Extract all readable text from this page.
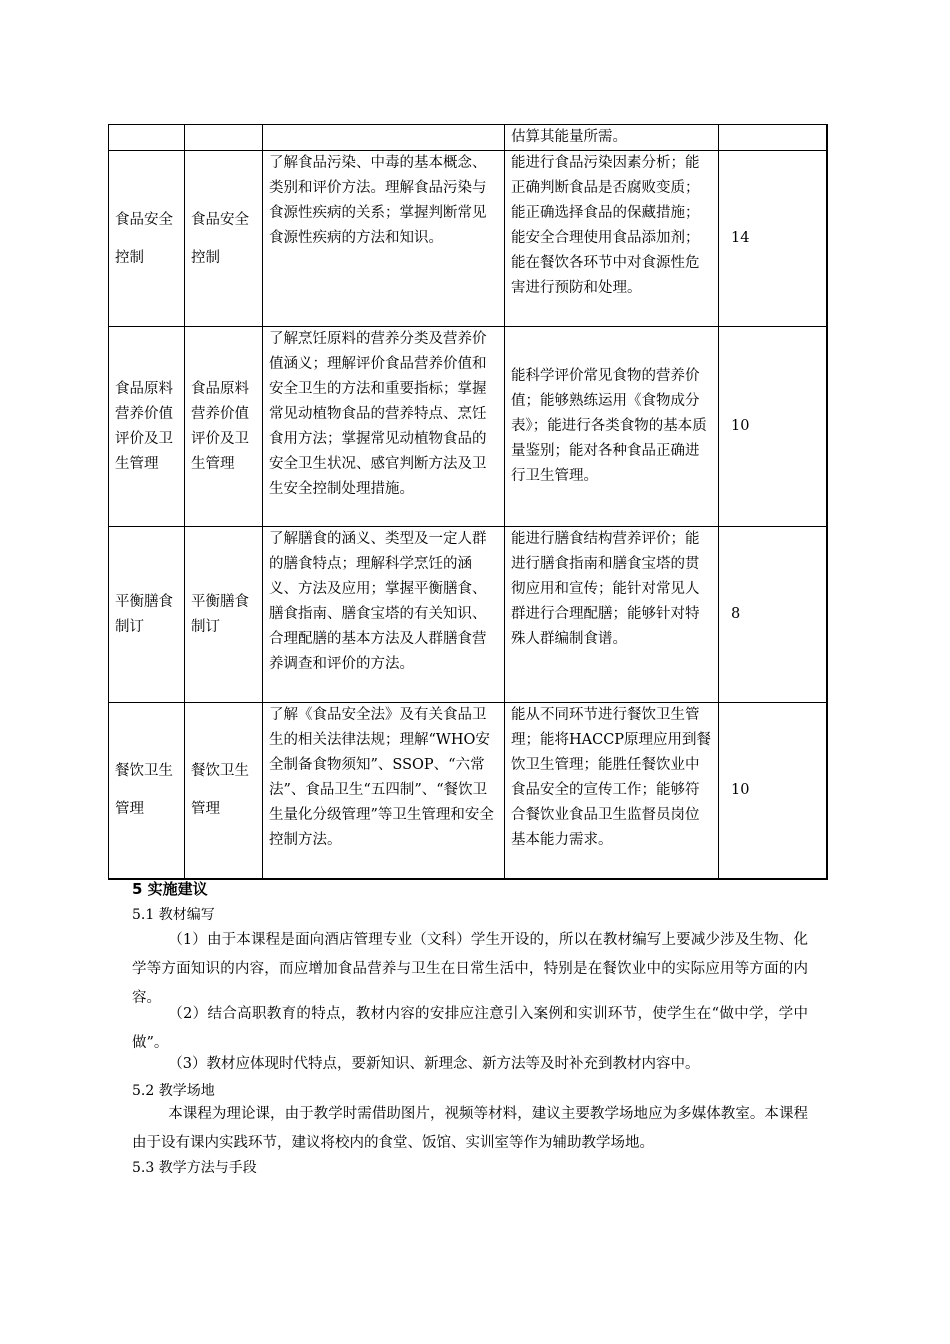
			估算其能量所需。	
食品安全控制	食品安全控制	了解食品污染、中毒的基本概念、类别和评价方法。理解食品污染与食源性疾病的关系；掌握判断常见食源性疾病的方法和知识。	能进行食品污染因素分析；能正确判断食品是否腐败变质；能正确选择食品的保藏措施；能安全合理使用食品添加剂；能在餐饮各环节中对食源性危害进行预防和处理。	14
食品原料营养价值评价及卫生管理	食品原料营养价值评价及卫生管理	了解烹饪原料的营养分类及营养价值涵义；理解评价食品营养价值和安全卫生的方法和重要指标；掌握常见动植物食品的营养特点、烹饪食用方法；掌握常见动植物食品的安全卫生状况、感官判断方法及卫生安全控制处理措施。	能科学评价常见食物的营养价值；能够熟练运用《食物成分表》；能进行各类食物的基本质量鉴别；能对各种食品正确进行卫生管理。	10
平衡膳食制订	平衡膳食制订	了解膳食的涵义、类型及一定人群的膳食特点；理解科学烹饪的涵义、方法及应用；掌握平衡膳食、膳食指南、膳食宝塔的有关知识、合理配膳的基本方法及人群膳食营养调查和评价的方法。	能进行膳食结构营养评价；能进行膳食指南和膳食宝塔的贯彻应用和宣传；能针对常见人群进行合理配膳；能够针对特殊人群编制食谱。	8
餐饮卫生管理	餐饮卫生管理	了解《食品安全法》及有关食品卫生的相关法律法规；理解“WHO安全制备食物须知”、SSOP、“六常法”、食品卫生“五四制”、“餐饮卫生量化分级管理”等卫生管理和安全控制方法。	能从不同环节进行餐饮卫生管理；能将HACCP原理应用到餐饮卫生管理；能胜任餐饮业中食品安全的宣传工作；能够符合餐饮业食品卫生监督员岗位基本能力需求。	10
5 实施建议
5.1 教材编写
（1）由于本课程是面向酒店管理专业（文科）学生开设的，所以在教材编写上要减少涉及生物、化学等方面知识的内容，而应增加食品营养与卫生在日常生活中，特别是在餐饮业中的实际应用等方面的内容。
（2）结合高职教育的特点，教材内容的安排应注意引入案例和实训环节，使学生在“做中学，学中做”。
（3）教材应体现时代特点，要新知识、新理念、新方法等及时补充到教材内容中。
5.2 教学场地
本课程为理论课，由于教学时需借助图片，视频等材料，建议主要教学场地应为多媒体教室。本课程由于设有课内实践环节，建议将校内的食堂、饭馆、实训室等作为辅助教学场地。
5.3 教学方法与手段
